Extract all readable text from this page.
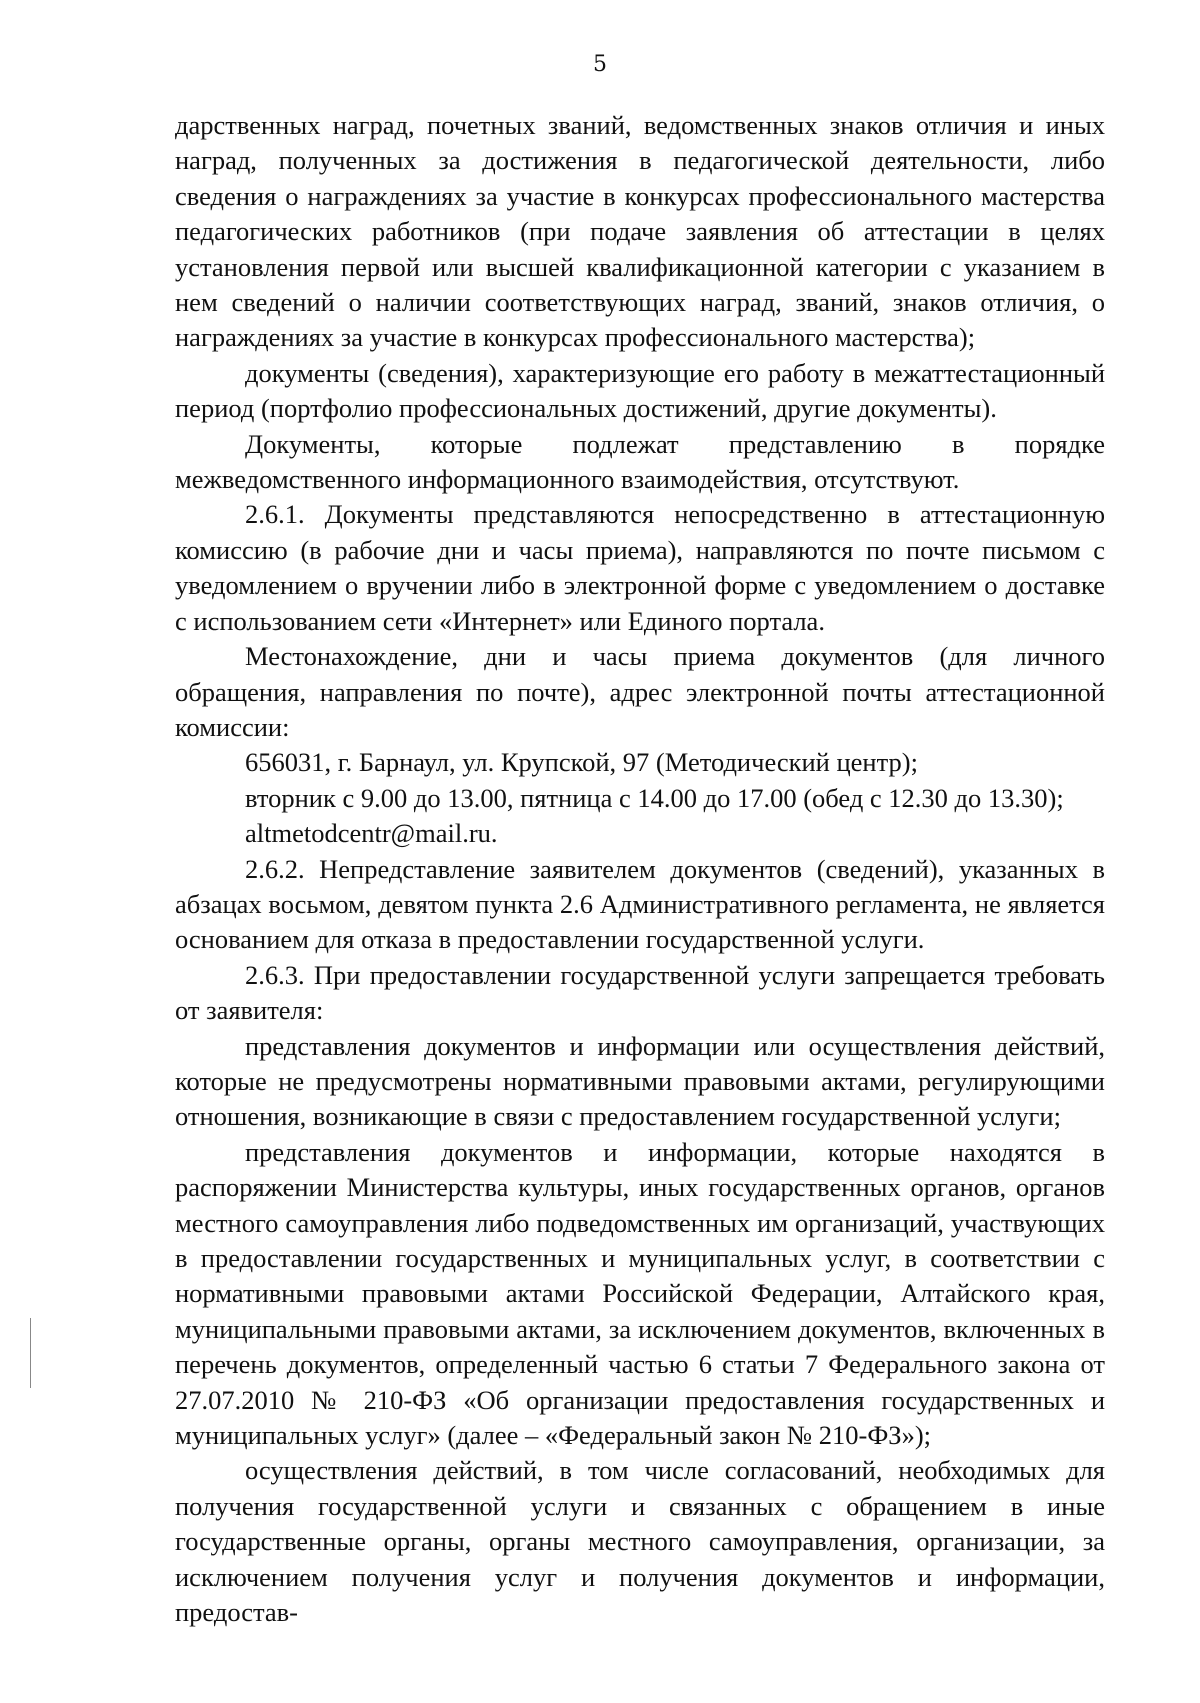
5

дарственных наград, почетных званий, ведомственных знаков отличия и иных наград, полученных за достижения в педагогической деятельности, либо сведения о награждениях за участие в конкурсах профессионального мастерства педагогических работников (при подаче заявления об аттестации в целях установления первой или высшей квалификационной категории с указанием в нем сведений о наличии соответствующих наград, званий, знаков отличия, о награждениях за участие в конкурсах профессионального мастерства);

документы (сведения), характеризующие его работу в межаттестационный период (портфолио профессиональных достижений, другие документы).

Документы, которые подлежат представлению в порядке межведомственного информационного взаимодействия, отсутствуют.

2.6.1. Документы представляются непосредственно в аттестационную комиссию (в рабочие дни и часы приема), направляются по почте письмом с уведомлением о вручении либо в электронной форме с уведомлением о доставке с использованием сети «Интернет» или Единого портала.

Местонахождение, дни и часы приема документов (для личного обращения, направления по почте), адрес электронной почты аттестационной комиссии:

656031, г. Барнаул, ул. Крупской, 97 (Методический центр);

вторник с 9.00 до 13.00, пятница с 14.00 до 17.00 (обед с 12.30 до 13.30);

altmetodcentr@mail.ru.

2.6.2. Непредставление заявителем документов (сведений), указанных в абзацах восьмом, девятом пункта 2.6 Административного регламента, не является основанием для отказа в предоставлении государственной услуги.

2.6.3. При предоставлении государственной услуги запрещается требовать от заявителя:

представления документов и информации или осуществления действий, которые не предусмотрены нормативными правовыми актами, регулирующими отношения, возникающие в связи с предоставлением государственной услуги;

представления документов и информации, которые находятся в распоряжении Министерства культуры, иных государственных органов, органов местного самоуправления либо подведомственных им организаций, участвующих в предоставлении государственных и муниципальных услуг, в соответствии с нормативными правовыми актами Российской Федерации, Алтайского края, муниципальными правовыми актами, за исключением документов, включенных в перечень документов, определенный частью 6 статьи 7 Федерального закона от 27.07.2010 № 210-ФЗ «Об организации предоставления государственных и муниципальных услуг» (далее – «Федеральный закон № 210-ФЗ»);

осуществления действий, в том числе согласований, необходимых для получения государственной услуги и связанных с обращением в иные государственные органы, органы местного самоуправления, организации, за исключением получения услуг и получения документов и информации, предостав-
